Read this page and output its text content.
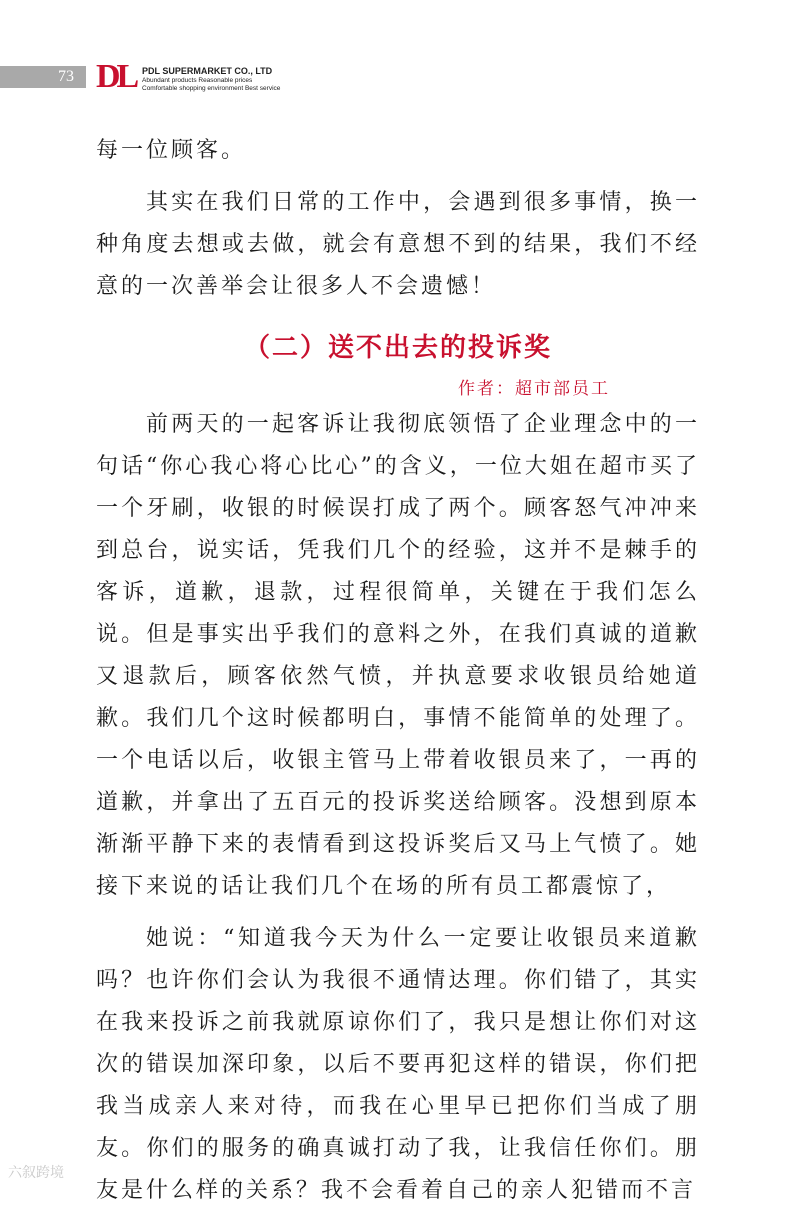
73 DL PDL SUPERMARKET CO., LTD
Abundant products Reasonable prices
Comfortable shopping environment Best service

每一位顾客。

其实在我们日常的工作中，会遇到很多事情，换一种角度去想或去做，就会有意想不到的结果，我们不经意的一次善举会让很多人不会遗憾！

（二）送不出去的投诉奖
作者：超市部员工

前两天的一起客诉让我彻底领悟了企业理念中的一句话“你心我心将心比心”的含义，一位大姐在超市买了一个牙刷，收银的时候误打成了两个。顾客怒气冲冲来到总台，说实话，凭我们几个的经验，这并不是棘手的客诉，道歉，退款，过程很简单，关键在于我们怎么说。但是事实出乎我们的意料之外，在我们真诚的道歉又退款后，顾客依然气愤，并执意要求收银员给她道歉。我们几个这时候都明白，事情不能简单的处理了。一个电话以后，收银主管马上带着收银员来了，一再的道歉，并拿出了五百元的投诉奖送给顾客。没想到原本渐渐平静下来的表情看到这投诉奖后又马上气愤了。她接下来说的话让我们几个在场的所有员工都震惊了，

她说：“知道我今天为什么一定要让收银员来道歉吗？也许你们会认为我很不通情达理。你们错了，其实在我来投诉之前我就原谅你们了，我只是想让你们对这次的错误加深印象，以后不要再犯这样的错误，你们把我当成亲人来对待，而我在心里早已把你们当成了朋友。你们的服务的确真诚打动了我，让我信任你们。朋友是什么样的关系？我不会看着自己的亲人犯错而不言

六叙跨境
